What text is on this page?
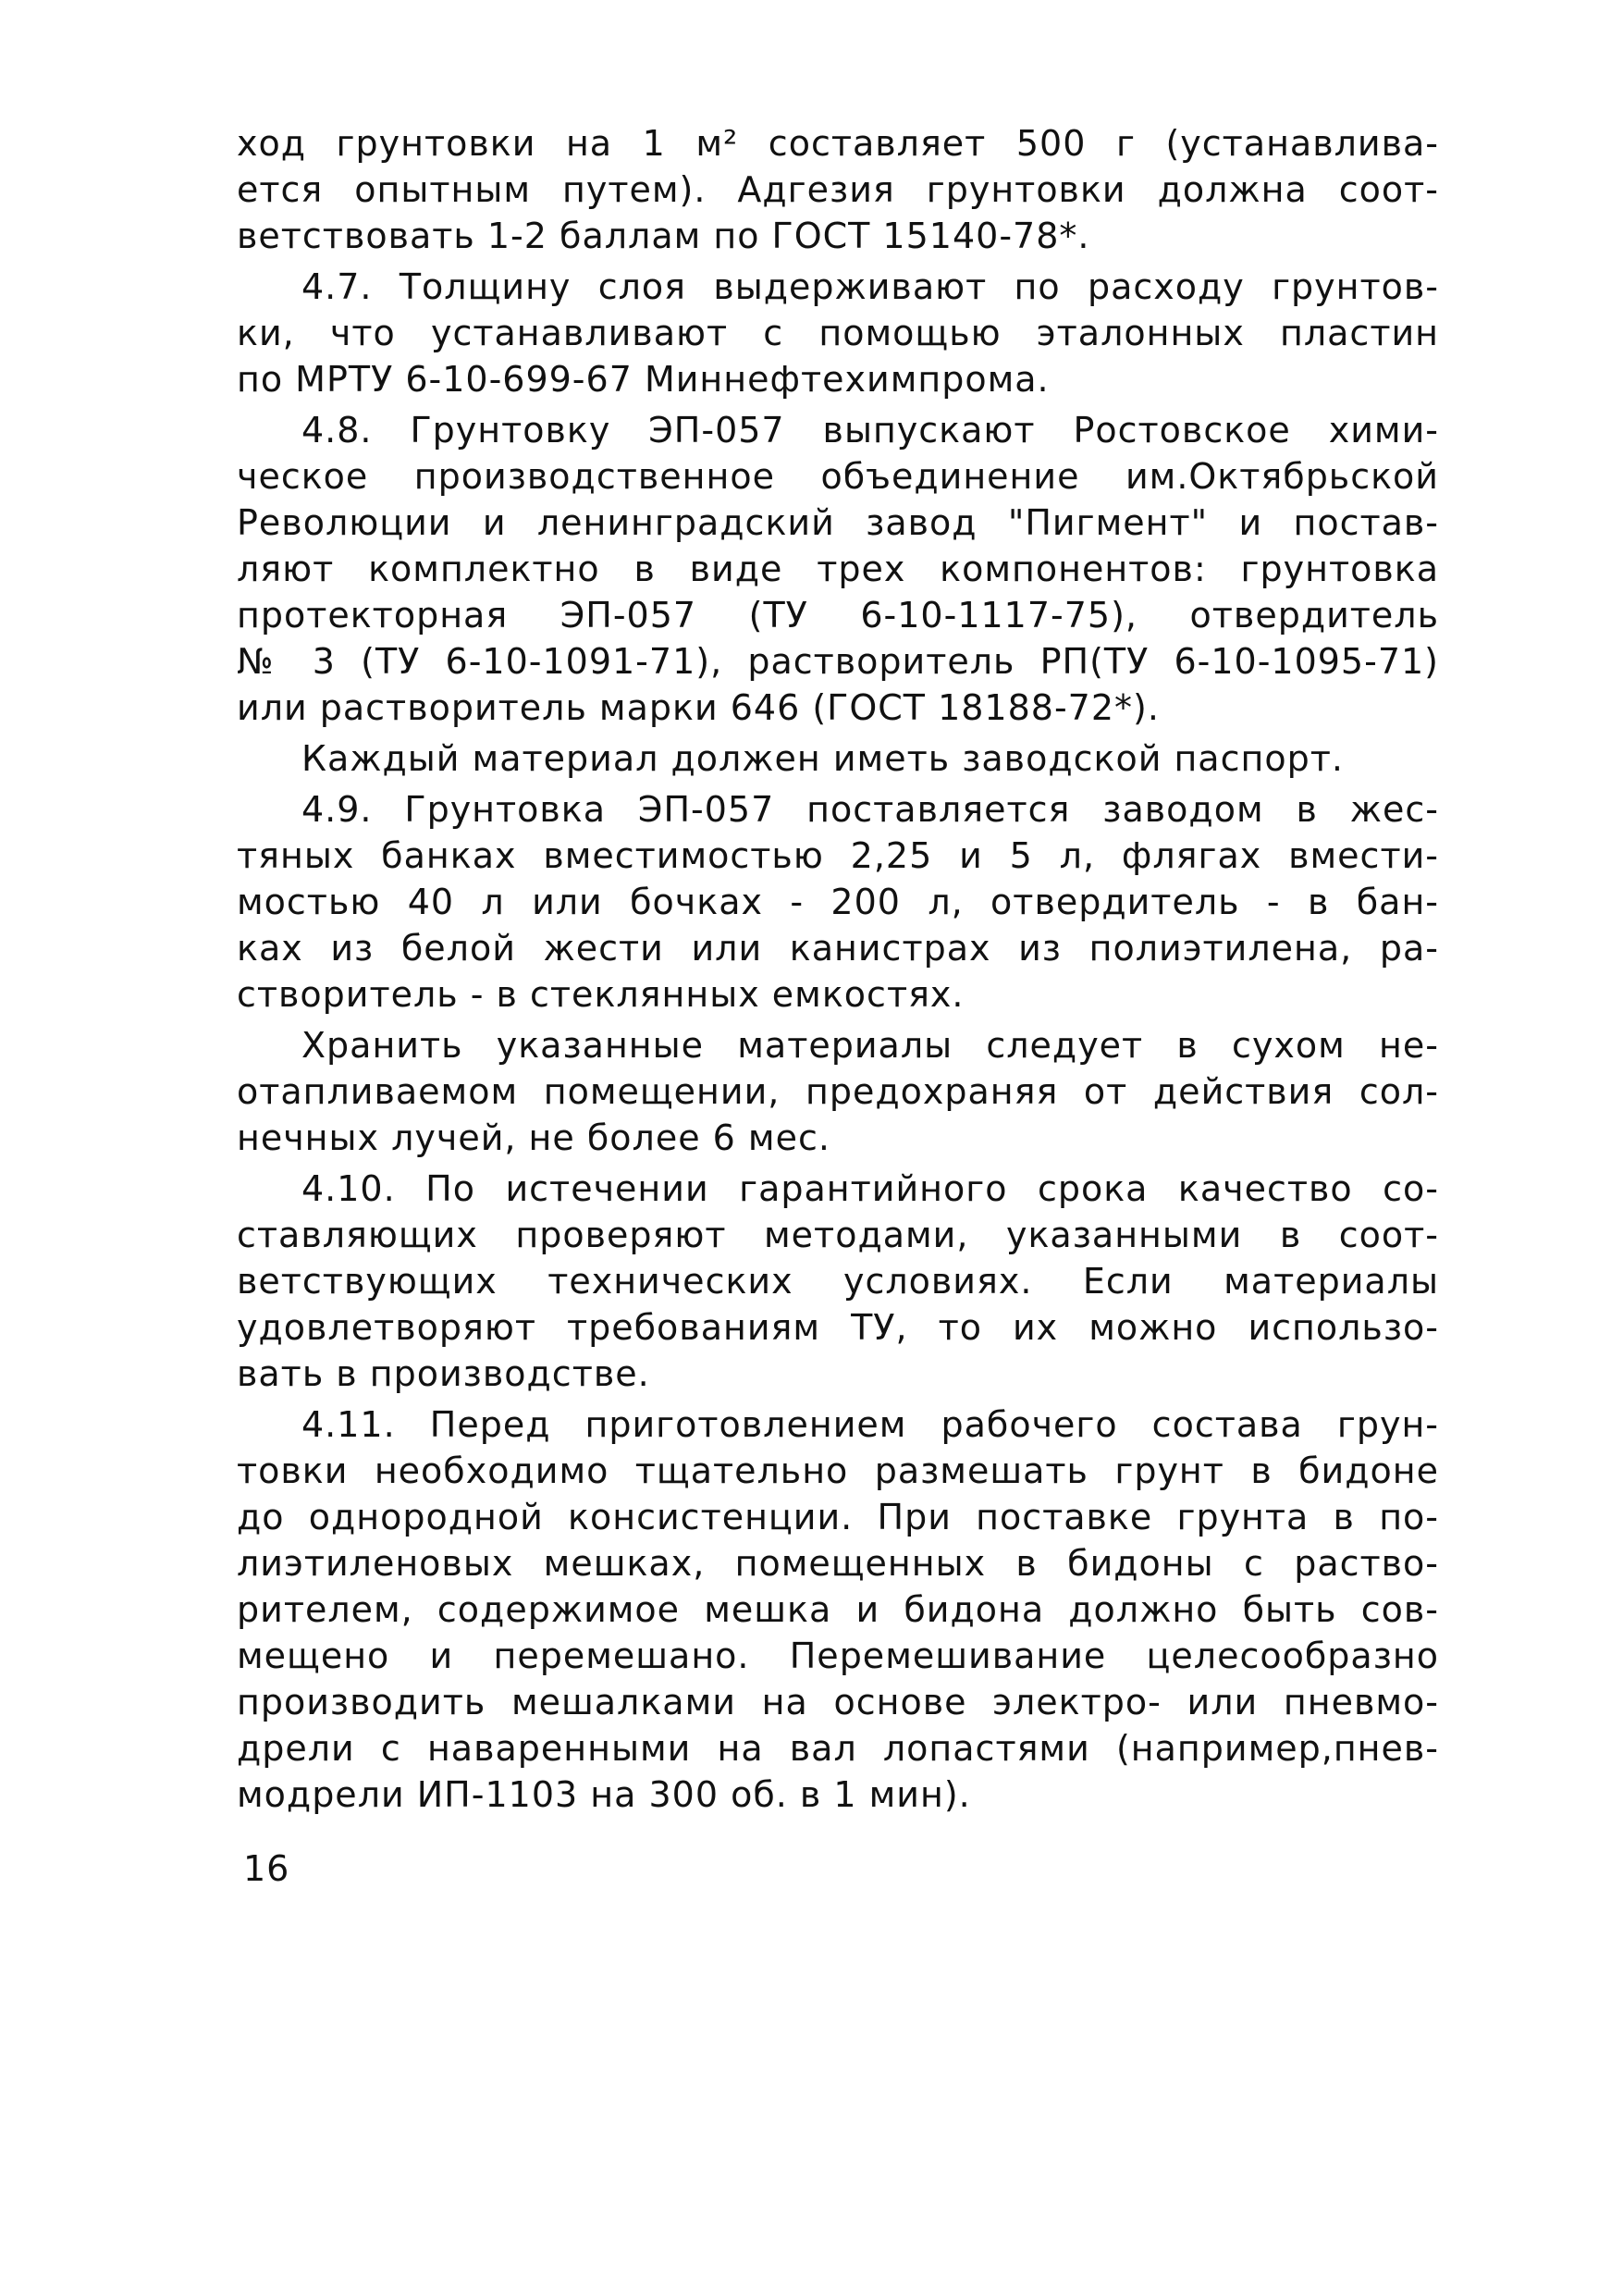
ход грунтовки на 1 м² составляет 500 г (устанавлива-
ется опытным путем). Адгезия грунтовки должна соот-
ветствовать 1-2 баллам по ГОСТ 15140-78*.
4.7. Толщину слоя выдерживают по расходу грунтов-
ки, что устанавливают с помощью эталонных пластин
по МРТУ 6-10-699-67 Миннефтехимпрома.
4.8. Грунтовку ЭП-057 выпускают Ростовское хими-
ческое производственное объединение им.Октябрьской
Революции и ленинградский завод "Пигмент" и постав-
ляют комплектно в виде трех компонентов: грунтовка
протекторная ЭП-057 (ТУ 6-10-1117-75), отвердитель
№ 3 (ТУ 6-10-1091-71), растворитель РП(ТУ 6-10-1095-71)
или растворитель марки 646 (ГОСТ 18188-72*).
Каждый материал должен иметь заводской паспорт.
4.9. Грунтовка ЭП-057 поставляется заводом в жес-
тяных банках вместимостью 2,25 и 5 л, флягах вмести-
мостью 40 л или бочках - 200 л, отвердитель - в бан-
ках из белой жести или канистрах из полиэтилена, ра-
створитель - в стеклянных емкостях.
Хранить указанные материалы следует в сухом не-
отапливаемом помещении, предохраняя от действия сол-
нечных лучей, не более 6 мес.
4.10. По истечении гарантийного срока качество со-
ставляющих проверяют методами, указанными в соот-
ветствующих технических условиях. Если материалы
удовлетворяют требованиям ТУ, то их можно использо-
вать в производстве.
4.11. Перед приготовлением рабочего состава грун-
товки необходимо тщательно размешать грунт в бидоне
до однородной консистенции. При поставке грунта в по-
лиэтиленовых мешках, помещенных в бидоны с раство-
рителем, содержимое мешка и бидона должно быть сов-
мещено и перемешано. Перемешивание целесообразно
производить мешалками на основе электро- или пневмо-
дрели с наваренными на вал лопастями (например,пнев-
модрели ИП-1103 на 300 об. в 1 мин).
16
